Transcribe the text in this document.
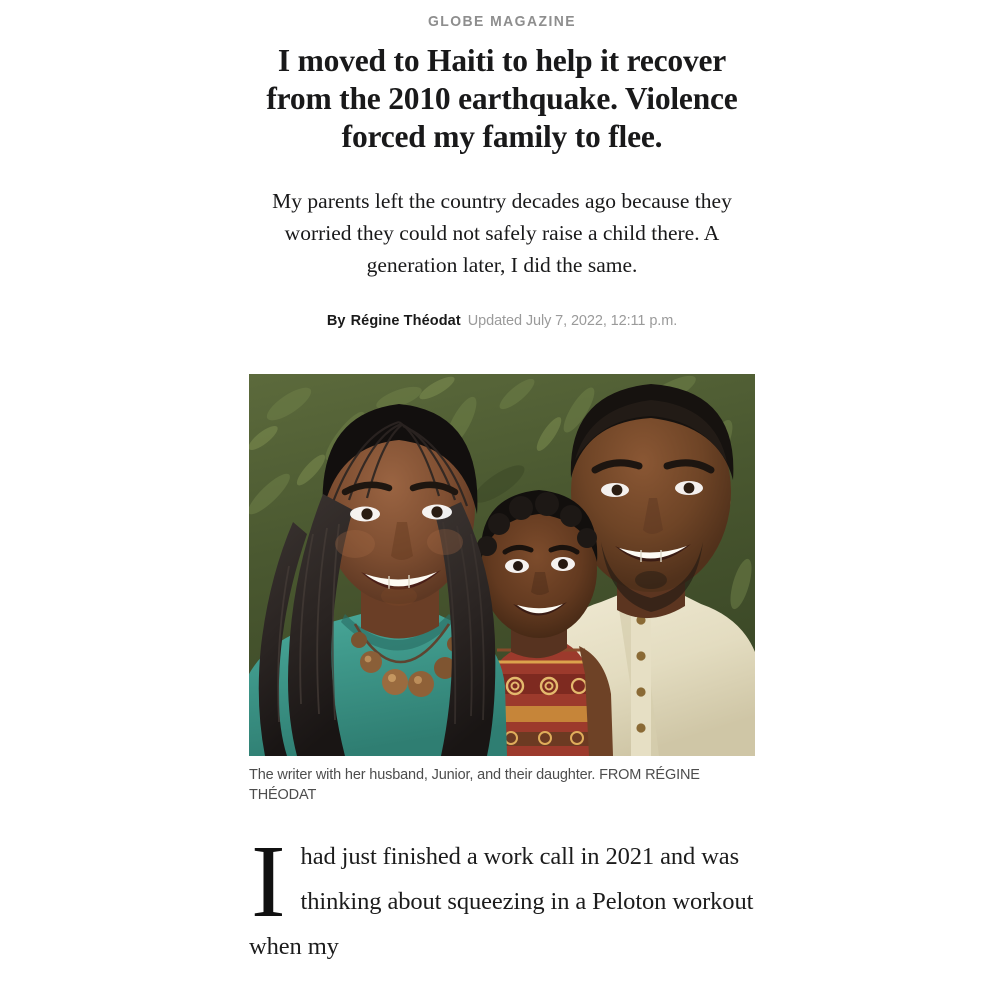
GLOBE MAGAZINE
I moved to Haiti to help it recover from the 2010 earthquake. Violence forced my family to flee.

My parents left the country decades ago because they worried they could not safely raise a child there. A generation later, I did the same.

By Régine Théodat Updated July 7, 2022, 12:11 p.m.
The writer with her husband, Junior, and their daughter. FROM RÉGINE THÉODAT

Ihad just finished a work call in 2021 and was thinking about squeezing in a Peloton workout when my
